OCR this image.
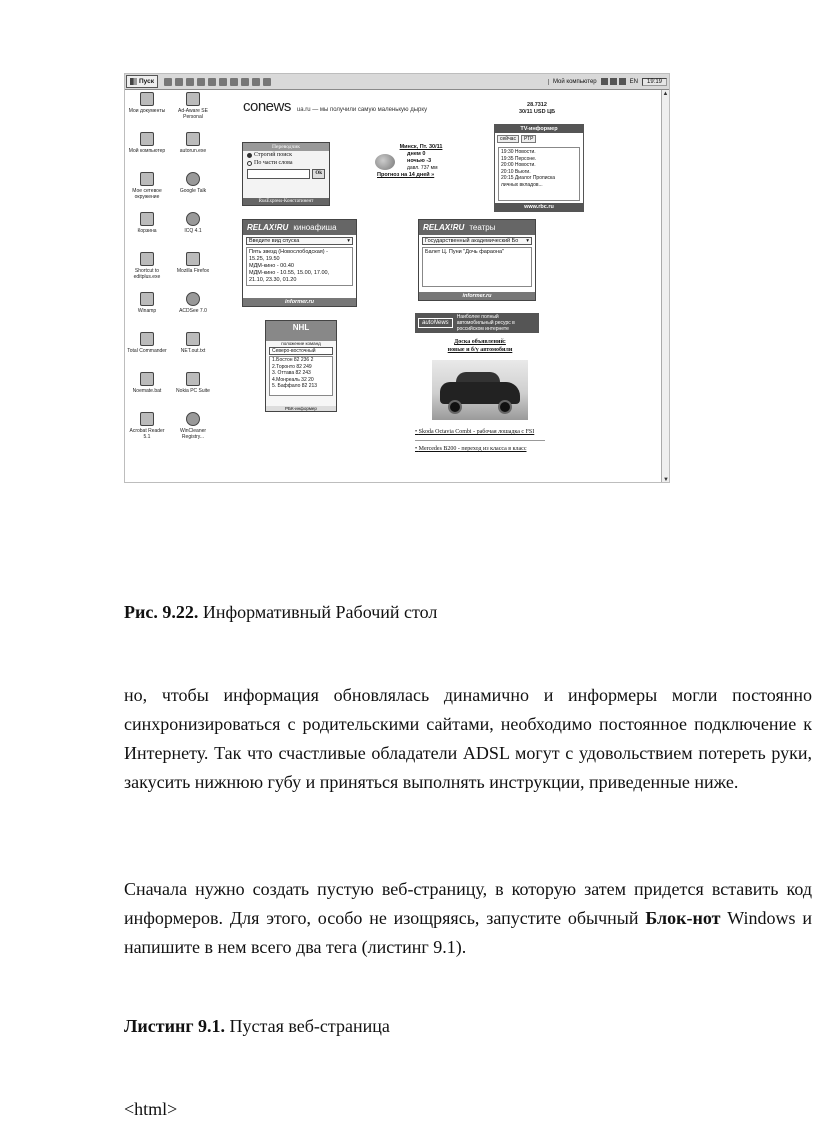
Пуск	Мой компьютер	EN	19:19
▲
▼
Мои документы	Ad-Aware SE Personal
Мой компьютер	autorun.exe
Мое сетевое окружение
Google Talk
Корзина	ICQ 4.1
Shortcut to editplus.exe
Mozilla Firefox
Winamp	ACDSee 7.0
Total Commander	NET.out.txt
Noemate.bat	Nokia PC Suite
Acrobat Reader 5.1
WinCleaner Registry...
conews ua.ru — мы получили самую маленькую дырку
28.7312
30/11 USD ЦБ
TV-информер
сейчас	РТР
19:30 Новости.
19:35 Персоне.
20:00 Новости.
20:10 Вьюги.
20:15 Диалог Прописка
личных вкладов...
www.rbc.ru
Переводчик
Строгий поиск
По части слова
Ok
RusExpress-Констатинент
Минск, Пт. 30/11
днем 0
ночью -3
давл. 737 мм
Прогноз на 14 дней »
RELAX!RU киноафиша
Введите вид спуска	▾
Пять звезд (Новослободская) -
15.25, 19.50
МДМ-кино - 00.40
МДМ-кино - 10.55, 15.00, 17.00,
21.10, 23.30, 01.20
informer.ru
RELAX!RU театры
Государственный академический Бо ▾
Балет Ц. Пуни "Дочь фараона"
informer.ru
NHL
положение команд
Северо-восточный
1.Бостон 82 236 2
2.Торонто 82 249
3. Оттава 82 243
4.Монреаль 32 20
5. Баффало 82 213
РБК-информер
autoNews
Наиболее полный автомобильный ресурс в российском интернете
Доска объявлений:
новые и б/у автомобили
• Skoda Octavia Combi - рабочая лошадка с FSI
• Mercedes B200 - переход из класса в класс
Рис. 9.22. Информативный Рабочий стол
но, чтобы информация обновлялась динамично и информеры могли постоянно синхронизироваться с родительскими сайтами, необходимо постоянное подключение к Интернету. Так что счастливые обладатели ADSL могут с удовольствием потереть руки, закусить нижнюю губу и приняться выполнять инструкции, приведенные ниже.
Сначала нужно создать пустую веб-страницу, в которую затем придется вставить код информеров. Для этого, особо не изощряясь, запустите обычный Блок-нот Windows и напишите в нем всего два тега (листинг 9.1).
Листинг 9.1. Пустая веб-страница
<html>
